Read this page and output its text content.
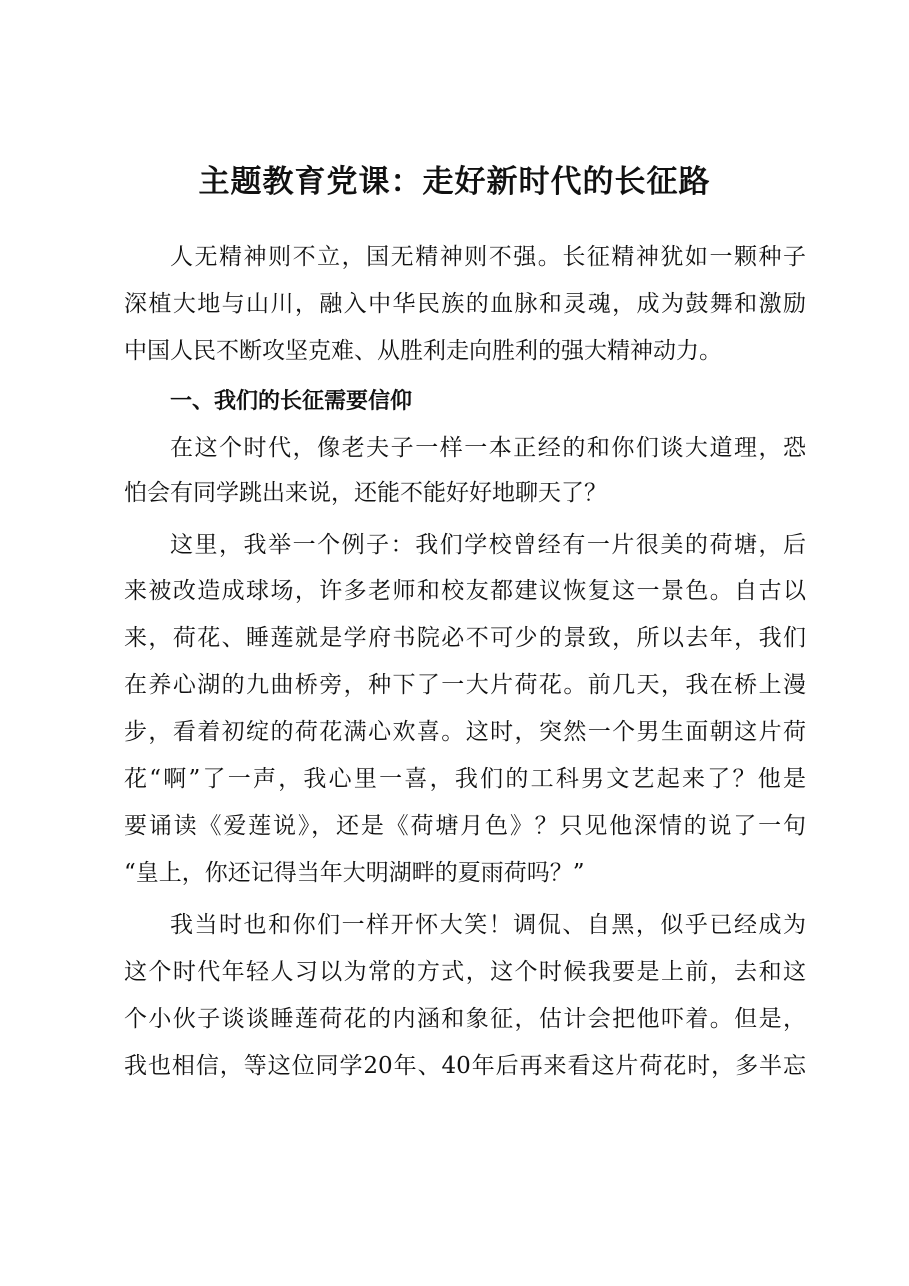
主题教育党课：走好新时代的长征路
人无精神则不立，国无精神则不强。长征精神犹如一颗种子
深植大地与山川，融入中华民族的血脉和灵魂，成为鼓舞和激励
中国人民不断攻坚克难、从胜利走向胜利的强大精神动力。
一、我们的长征需要信仰
在这个时代，像老夫子一样一本正经的和你们谈大道理，恐
怕会有同学跳出来说，还能不能好好地聊天了？
这里，我举一个例子：我们学校曾经有一片很美的荷塘，后
来被改造成球场，许多老师和校友都建议恢复这一景色。自古以
来，荷花、睡莲就是学府书院必不可少的景致，所以去年，我们
在养心湖的九曲桥旁，种下了一大片荷花。前几天，我在桥上漫
步，看着初绽的荷花满心欢喜。这时，突然一个男生面朝这片荷
花“啊”了一声，我心里一喜，我们的工科男文艺起来了？他是
要诵读《爱莲说》，还是《荷塘月色》？只见他深情的说了一句
“皇上，你还记得当年大明湖畔的夏雨荷吗？”
我当时也和你们一样开怀大笑！调侃、自黑，似乎已经成为
这个时代年轻人习以为常的方式，这个时候我要是上前，去和这
个小伙子谈谈睡莲荷花的内涵和象征，估计会把他吓着。但是，
我也相信，等这位同学20年、40年后再来看这片荷花时，多半忘
